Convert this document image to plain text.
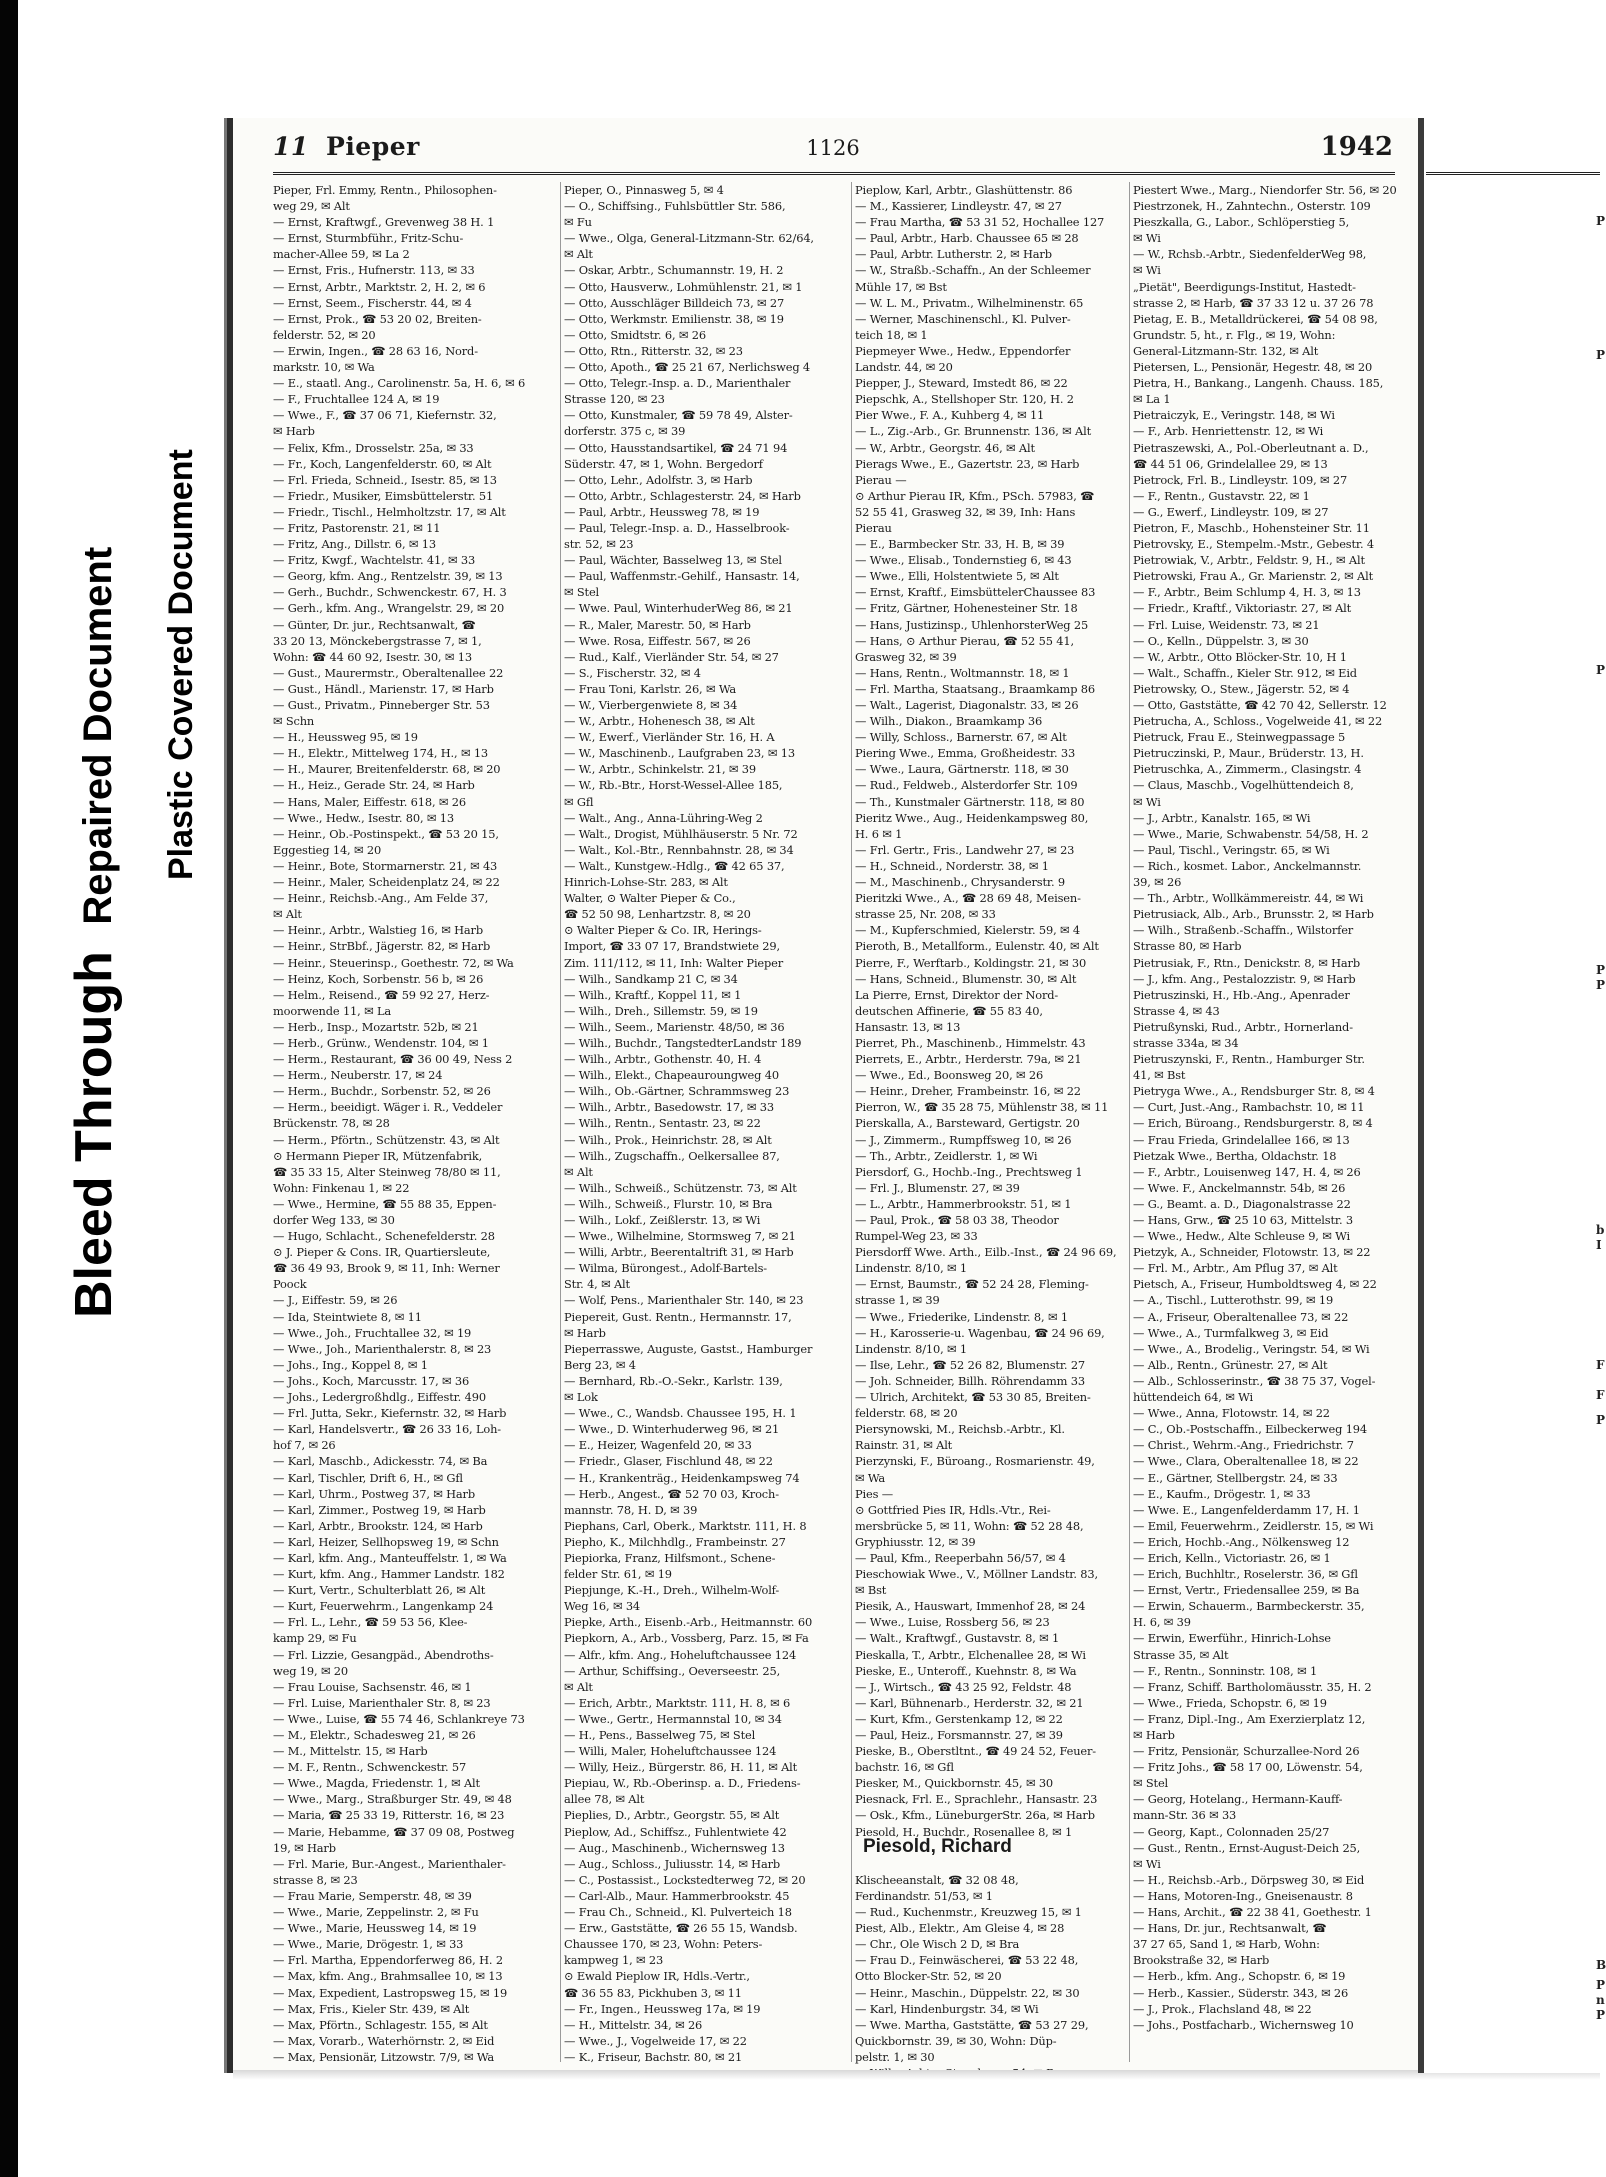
Bleed Through Repaired Document Plastic Covered Document
11 Pieper	1126	1942
Pieper, Frl. Emmy, Rentn., Philosophen-
weg 29, ✉ Alt
— Ernst, Kraftwgf., Grevenweg 38 H. 1
— Ernst, Sturmbführ., Fritz-Schu-
macher-Allee 59, ✉ La 2
— Ernst, Fris., Hufnerstr. 113, ✉ 33
— Ernst, Arbtr., Marktstr. 2, H. 2, ✉ 6
— Ernst, Seem., Fischerstr. 44, ✉ 4
— Ernst, Prok., ☎ 53 20 02, Breiten-
felderstr. 52, ✉ 20
— Erwin, Ingen., ☎ 28 63 16, Nord-
markstr. 10, ✉ Wa
— E., staatl. Ang., Carolinenstr. 5a, H. 6, ✉ 6
— F., Fruchtallee 124 A, ✉ 19
— Wwe., F., ☎ 37 06 71, Kiefernstr. 32,
✉ Harb
— Felix, Kfm., Drosselstr. 25a, ✉ 33
— Fr., Koch, Langenfelderstr. 60, ✉ Alt
— Frl. Frieda, Schneid., Isestr. 85, ✉ 13
— Friedr., Musiker, Eimsbüttelerstr. 51
— Friedr., Tischl., Helmholtzstr. 17, ✉ Alt
— Fritz, Pastorenstr. 21, ✉ 11
— Fritz, Ang., Dillstr. 6, ✉ 13
— Fritz, Kwgf., Wachtelstr. 41, ✉ 33
— Georg, kfm. Ang., Rentzelstr. 39, ✉ 13
— Gerh., Buchdr., Schwenckestr. 67, H. 3
— Gerh., kfm. Ang., Wrangelstr. 29, ✉ 20
— Günter, Dr. jur., Rechtsanwalt, ☎
33 20 13, Mönckebergstrasse 7, ✉ 1,
Wohn: ☎ 44 60 92, Isestr. 30, ✉ 13
— Gust., Maurermstr., Oberaltenallee 22
— Gust., Händl., Marienstr. 17, ✉ Harb
— Gust., Privatm., Pinneberger Str. 53
✉ Schn
— H., Heussweg 95, ✉ 19
— H., Elektr., Mittelweg 174, H., ✉ 13
— H., Maurer, Breitenfelderstr. 68, ✉ 20
— H., Heiz., Gerade Str. 24, ✉ Harb
— Hans, Maler, Eiffestr. 618, ✉ 26
— Wwe., Hedw., Isestr. 80, ✉ 13
— Heinr., Ob.-Postinspekt., ☎ 53 20 15,
Eggestieg 14, ✉ 20
— Heinr., Bote, Stormarnerstr. 21, ✉ 43
— Heinr., Maler, Scheidenplatz 24, ✉ 22
— Heinr., Reichsb.-Ang., Am Felde 37,
✉ Alt
— Heinr., Arbtr., Walstieg 16, ✉ Harb
— Heinr., StrBbf., Jägerstr. 82, ✉ Harb
— Heinr., Steuerinsp., Goethestr. 72, ✉ Wa
— Heinz, Koch, Sorbenstr. 56 b, ✉ 26
— Helm., Reisend., ☎ 59 92 27, Herz-
moorwende 11, ✉ La
— Herb., Insp., Mozartstr. 52b, ✉ 21
— Herb., Grünw., Wendenstr. 104, ✉ 1
— Herm., Restaurant, ☎ 36 00 49, Ness 2
— Herm., Neuberstr. 17, ✉ 24
— Herm., Buchdr., Sorbenstr. 52, ✉ 26
— Herm., beeidigt. Wäger i. R., Veddeler
Brückenstr. 78, ✉ 28
— Herm., Pförtn., Schützenstr. 43, ✉ Alt
⊙ Hermann Pieper IR, Mützenfabrik,
☎ 35 33 15, Alter Steinweg 78/80 ✉ 11,
Wohn: Finkenau 1, ✉ 22
— Wwe., Hermine, ☎ 55 88 35, Eppen-
dorfer Weg 133, ✉ 30
— Hugo, Schlacht., Schenefelderstr. 28
⊙ J. Pieper & Cons. IR, Quartiersleute,
☎ 36 49 93, Brook 9, ✉ 11, Inh: Werner
Poock
— J., Eiffestr. 59, ✉ 26
— Ida, Steintwiete 8, ✉ 11
— Wwe., Joh., Fruchtallee 32, ✉ 19
— Wwe., Joh., Marienthalerstr. 8, ✉ 23
— Johs., Ing., Koppel 8, ✉ 1
— Johs., Koch, Marcusstr. 17, ✉ 36
— Johs., Ledergroßhdlg., Eiffestr. 490
— Frl. Jutta, Sekr., Kiefernstr. 32, ✉ Harb
— Karl, Handelsvertr., ☎ 26 33 16, Loh-
hof 7, ✉ 26
— Karl, Maschb., Adickesstr. 74, ✉ Ba
— Karl, Tischler, Drift 6, H., ✉ Gfl
— Karl, Uhrm., Postweg 37, ✉ Harb
— Karl, Zimmer., Postweg 19, ✉ Harb
— Karl, Arbtr., Brookstr. 124, ✉ Harb
— Karl, Heizer, Sellhopsweg 19, ✉ Schn
— Karl, kfm. Ang., Manteuffelstr. 1, ✉ Wa
— Kurt, kfm. Ang., Hammer Landstr. 182
— Kurt, Vertr., Schulterblatt 26, ✉ Alt
— Kurt, Feuerwehrm., Langenkamp 24
— Frl. L., Lehr., ☎ 59 53 56, Klee-
kamp 29, ✉ Fu
— Frl. Lizzie, Gesangpäd., Abendroths-
weg 19, ✉ 20
— Frau Louise, Sachsenstr. 46, ✉ 1
— Frl. Luise, Marienthaler Str. 8, ✉ 23
— Wwe., Luise, ☎ 55 74 46, Schlankreye 73
— M., Elektr., Schadesweg 21, ✉ 26
— M., Mittelstr. 15, ✉ Harb
— M. F., Rentn., Schwenckestr. 57
— Wwe., Magda, Friedenstr. 1, ✉ Alt
— Wwe., Marg., Straßburger Str. 49, ✉ 48
— Maria, ☎ 25 33 19, Ritterstr. 16, ✉ 23
— Marie, Hebamme, ☎ 37 09 08, Postweg
19, ✉ Harb
— Frl. Marie, Bur.-Angest., Marienthaler-
strasse 8, ✉ 23
— Frau Marie, Semperstr. 48, ✉ 39
— Wwe., Marie, Zeppelinstr. 2, ✉ Fu
— Wwe., Marie, Heussweg 14, ✉ 19
— Wwe., Marie, Drögestr. 1, ✉ 33
— Frl. Martha, Eppendorferweg 86, H. 2
— Max, kfm. Ang., Brahmsallee 10, ✉ 13
— Max, Expedient, Lastropsweg 15, ✉ 19
— Max, Fris., Kieler Str. 439, ✉ Alt
— Max, Pförtn., Schlagestr. 155, ✉ Alt
— Max, Vorarb., Waterhörnstr. 2, ✉ Eid
— Max, Pensionär, Litzowstr. 7/9, ✉ Wa
Pieper, O., Pinnasweg 5, ✉ 4
— O., Schiffsing., Fuhlsbüttler Str. 586,
✉ Fu
— Wwe., Olga, General-Litzmann-Str. 62/64,
✉ Alt
— Oskar, Arbtr., Schumannstr. 19, H. 2
— Otto, Hausverw., Lohmühlenstr. 21, ✉ 1
— Otto, Ausschläger Billdeich 73, ✉ 27
— Otto, Werkmstr. Emilienstr. 38, ✉ 19
— Otto, Smidtstr. 6, ✉ 26
— Otto, Rtn., Ritterstr. 32, ✉ 23
— Otto, Apoth., ☎ 25 21 67, Nerlichsweg 4
— Otto, Telegr.-Insp. a. D., Marienthaler
Strasse 120, ✉ 23
— Otto, Kunstmaler, ☎ 59 78 49, Alster-
dorferstr. 375 c, ✉ 39
— Otto, Hausstandsartikel, ☎ 24 71 94
Süderstr. 47, ✉ 1, Wohn. Bergedorf
— Otto, Lehr., Adolfstr. 3, ✉ Harb
— Otto, Arbtr., Schlagesterstr. 24, ✉ Harb
— Paul, Arbtr., Heussweg 78, ✉ 19
— Paul, Telegr.-Insp. a. D., Hasselbrook-
str. 52, ✉ 23
— Paul, Wächter, Basselweg 13, ✉ Stel
— Paul, Waffenmstr.-Gehilf., Hansastr. 14,
✉ Stel
— Wwe. Paul, WinterhuderWeg 86, ✉ 21
— R., Maler, Marestr. 50, ✉ Harb
— Wwe. Rosa, Eiffestr. 567, ✉ 26
— Rud., Kalf., Vierländer Str. 54, ✉ 27
— S., Fischerstr. 32, ✉ 4
— Frau Toni, Karlstr. 26, ✉ Wa
— W., Vierbergenwiete 8, ✉ 34
— W., Arbtr., Hohenesch 38, ✉ Alt
— W., Ewerf., Vierländer Str. 16, H. A
— W., Maschinenb., Laufgraben 23, ✉ 13
— W., Arbtr., Schinkelstr. 21, ✉ 39
— W., Rb.-Btr., Horst-Wessel-Allee 185,
✉ Gfl
— Walt., Ang., Anna-Lühring-Weg 2
— Walt., Drogist, Mühlhäuserstr. 5 Nr. 72
— Walt., Kol.-Btr., Rennbahnstr. 28, ✉ 34
— Walt., Kunstgew.-Hdlg., ☎ 42 65 37,
Hinrich-Lohse-Str. 283, ✉ Alt
Walter, ⊙ Walter Pieper & Co.,
☎ 52 50 98, Lenhartzstr. 8, ✉ 20
⊙ Walter Pieper & Co. IR, Herings-
Import, ☎ 33 07 17, Brandstwiete 29,
Zim. 111/112, ✉ 11, Inh: Walter Pieper
— Wilh., Sandkamp 21 C, ✉ 34
— Wilh., Kraftf., Koppel 11, ✉ 1
— Wilh., Dreh., Sillemstr. 59, ✉ 19
— Wilh., Seem., Marienstr. 48/50, ✉ 36
— Wilh., Buchdr., TangstedterLandstr 189
— Wilh., Arbtr., Gothenstr. 40, H. 4
— Wilh., Elekt., Chapeauroungweg 40
— Wilh., Ob.-Gärtner, Schrammsweg 23
— Wilh., Arbtr., Basedowstr. 17, ✉ 33
— Wilh., Rentn., Sentastr. 23, ✉ 22
— Wilh., Prok., Heinrichstr. 28, ✉ Alt
— Wilh., Zugschaffn., Oelkersallee 87,
✉ Alt
— Wilh., Schweiß., Schützenstr. 73, ✉ Alt
— Wilh., Schweiß., Flurstr. 10, ✉ Bra
— Wilh., Lokf., Zeißlerstr. 13, ✉ Wi
— Wwe., Wilhelmine, Stormsweg 7, ✉ 21
— Willi, Arbtr., Beerentaltrift 31, ✉ Harb
— Wilma, Bürongest., Adolf-Bartels-
Str. 4, ✉ Alt
— Wolf, Pens., Marienthaler Str. 140, ✉ 23
Piepereit, Gust. Rentn., Hermannstr. 17,
✉ Harb
Pieperrasswe, Auguste, Gastst., Hamburger
Berg 23, ✉ 4
— Bernhard, Rb.-O.-Sekr., Karlstr. 139,
✉ Lok
— Wwe., C., Wandsb. Chaussee 195, H. 1
— Wwe., D. Winterhuderweg 96, ✉ 21
— E., Heizer, Wagenfeld 20, ✉ 33
— Friedr., Glaser, Fischlund 48, ✉ 22
— H., Krankenträg., Heidenkampsweg 74
— Herb., Angest., ☎ 52 70 03, Kroch-
mannstr. 78, H. D, ✉ 39
Piephans, Carl, Oberk., Marktstr. 111, H. 8
Piepho, K., Milchhdlg., Frambeinstr. 27
Piepiorka, Franz, Hilfsmont., Schene-
felder Str. 61, ✉ 19
Piepjunge, K.-H., Dreh., Wilhelm-Wolf-
Weg 16, ✉ 34
Piepke, Arth., Eisenb.-Arb., Heitmannstr. 60
Piepkorn, A., Arb., Vossberg, Parz. 15, ✉ Fa
— Alfr., kfm. Ang., Hoheluftchaussee 124
— Arthur, Schiffsing., Oeverseestr. 25,
✉ Alt
— Erich, Arbtr., Marktstr. 111, H. 8, ✉ 6
— Wwe., Gertr., Hermannstal 10, ✉ 34
— H., Pens., Basselweg 75, ✉ Stel
— Willi, Maler, Hoheluftchaussee 124
— Willy, Heiz., Bürgerstr. 86, H. 11, ✉ Alt
Piepiau, W., Rb.-Oberinsp. a. D., Friedens-
allee 78, ✉ Alt
Pieplies, D., Arbtr., Georgstr. 55, ✉ Alt
Pieplow, Ad., Schiffsz., Fuhlentwiete 42
— Aug., Maschinenb., Wichernsweg 13
— Aug., Schloss., Juliusstr. 14, ✉ Harb
— C., Postassist., Lockstedterweg 72, ✉ 20
— Carl-Alb., Maur. Hammerbrookstr. 45
— Frau Ch., Schneid., Kl. Pulverteich 18
— Erw., Gaststätte, ☎ 26 55 15, Wandsb.
Chaussee 170, ✉ 23, Wohn: Peters-
kampweg 1, ✉ 23
⊙ Ewald Pieplow IR, Hdls.-Vertr.,
☎ 36 55 83, Pickhuben 3, ✉ 11
— Fr., Ingen., Heussweg 17a, ✉ 19
— H., Mittelstr. 34, ✉ 26
— Wwe., J., Vogelweide 17, ✉ 22
— K., Friseur, Bachstr. 80, ✉ 21
Pieplow, Karl, Arbtr., Glashüttenstr. 86
— M., Kassierer, Lindleystr. 47, ✉ 27
— Frau Martha, ☎ 53 31 52, Hochallee 127
— Paul, Arbtr., Harb. Chaussee 65 ✉ 28
— Paul, Arbtr. Lutherstr. 2, ✉ Harb
— W., Straßb.-Schaffn., An der Schleemer
Mühle 17, ✉ Bst
— W. L. M., Privatm., Wilhelminenstr. 65
— Werner, Maschinenschl., Kl. Pulver-
teich 18, ✉ 1
Piepmeyer Wwe., Hedw., Eppendorfer
Landstr. 44, ✉ 20
Piepper, J., Steward, Imstedt 86, ✉ 22
Piepschk, A., Stellshoper Str. 120, H. 2
Pier Wwe., F. A., Kuhberg 4, ✉ 11
— L., Zig.-Arb., Gr. Brunnenstr. 136, ✉ Alt
— W., Arbtr., Georgstr. 46, ✉ Alt
Pierags Wwe., E., Gazertstr. 23, ✉ Harb
Pierau —
⊙ Arthur Pierau IR, Kfm., PSch. 57983, ☎
52 55 41, Grasweg 32, ✉ 39, Inh: Hans
Pierau
— E., Barmbecker Str. 33, H. B, ✉ 39
— Wwe., Elisab., Tondernstieg 6, ✉ 43
— Wwe., Elli, Holstentwiete 5, ✉ Alt
— Ernst, Kraftf., EimsbüttelerChaussee 83
— Fritz, Gärtner, Hohenesteiner Str. 18
— Hans, Justizinsp., UhlenhorsterWeg 25
— Hans, ⊙ Arthur Pierau, ☎ 52 55 41,
Grasweg 32, ✉ 39
— Hans, Rentn., Woltmannstr. 18, ✉ 1
— Frl. Martha, Staatsang., Braamkamp 86
— Walt., Lagerist, Diagonalstr. 33, ✉ 26
— Wilh., Diakon., Braamkamp 36
— Willy, Schloss., Barnerstr. 67, ✉ Alt
Piering Wwe., Emma, Großheidestr. 33
— Wwe., Laura, Gärtnerstr. 118, ✉ 30
— Rud., Feldweb., Alsterdorfer Str. 109
— Th., Kunstmaler Gärtnerstr. 118, ✉ 80
Pieritz Wwe., Aug., Heidenkampsweg 80,
H. 6 ✉ 1
— Frl. Gertr., Fris., Landwehr 27, ✉ 23
— H., Schneid., Norderstr. 38, ✉ 1
— M., Maschinenb., Chrysanderstr. 9
Pieritzki Wwe., A., ☎ 28 69 48, Meisen-
strasse 25, Nr. 208, ✉ 33
— M., Kupferschmied, Kielerstr. 59, ✉ 4
Pieroth, B., Metallform., Eulenstr. 40, ✉ Alt
Pierre, F., Werftarb., Koldingstr. 21, ✉ 30
— Hans, Schneid., Blumenstr. 30, ✉ Alt
La Pierre, Ernst, Direktor der Nord-
deutschen Affinerie, ☎ 55 83 40,
Hansastr. 13, ✉ 13
Pierret, Ph., Maschinenb., Himmelstr. 43
Pierrets, E., Arbtr., Herderstr. 79a, ✉ 21
— Wwe., Ed., Boonsweg 20, ✉ 26
— Heinr., Dreher, Frambeinstr. 16, ✉ 22
Pierron, W., ☎ 35 28 75, Mühlenstr 38, ✉ 11
Pierskalla, A., Barsteward, Gertigstr. 20
— J., Zimmerm., Rumpffsweg 10, ✉ 26
— Th., Arbtr., Zeidlerstr. 1, ✉ Wi
Piersdorf, G., Hochb.-Ing., Prechtsweg 1
— Frl. J., Blumenstr. 27, ✉ 39
— L., Arbtr., Hammerbrookstr. 51, ✉ 1
— Paul, Prok., ☎ 58 03 38, Theodor
Rumpel-Weg 23, ✉ 33
Piersdorff Wwe. Arth., Eilb.-Inst., ☎ 24 96 69,
Lindenstr. 8/10, ✉ 1
— Ernst, Baumstr., ☎ 52 24 28, Fleming-
strasse 1, ✉ 39
— Wwe., Friederike, Lindenstr. 8, ✉ 1
— H., Karosserie-u. Wagenbau, ☎ 24 96 69,
Lindenstr. 8/10, ✉ 1
— Ilse, Lehr., ☎ 52 26 82, Blumenstr. 27
— Joh. Schneider, Billh. Röhrendamm 33
— Ulrich, Architekt, ☎ 53 30 85, Breiten-
felderstr. 68, ✉ 20
Piersynowski, M., Reichsb.-Arbtr., Kl.
Rainstr. 31, ✉ Alt
Pierzynski, F., Büroang., Rosmarienstr. 49,
✉ Wa
Pies —
⊙ Gottfried Pies IR, Hdls.-Vtr., Rei-
mersbrücke 5, ✉ 11, Wohn: ☎ 52 28 48,
Gryphiusstr. 12, ✉ 39
— Paul, Kfm., Reeperbahn 56/57, ✉ 4
Pieschowiak Wwe., V., Möllner Landstr. 83,
✉ Bst
Piesik, A., Hauswart, Immenhof 28, ✉ 24
— Wwe., Luise, Rossberg 56, ✉ 23
— Walt., Kraftwgf., Gustavstr. 8, ✉ 1
Pieskalla, T., Arbtr., Elchenallee 28, ✉ Wi
Pieske, E., Unteroff., Kuehnstr. 8, ✉ Wa
— J., Wirtsch., ☎ 43 25 92, Feldstr. 48
— Karl, Bühnenarb., Herderstr. 32, ✉ 21
— Kurt, Kfm., Gerstenkamp 12, ✉ 22
— Paul, Heiz., Forsmannstr. 27, ✉ 39
Pieske, B., Oberstltnt., ☎ 49 24 52, Feuer-
bachstr. 16, ✉ Gfl
Piesker, M., Quickbornstr. 45, ✉ 30
Piesnack, Frl. E., Sprachlehr., Hansastr. 23
— Osk., Kfm., LüneburgerStr. 26a, ✉ Harb
Piesold, H., Buchdr., Rosenallee 8, ✉ 1

Klischeeanstalt, ☎ 32 08 48,
Ferdinandstr. 51/53, ✉ 1
— Rud., Kuchenmstr., Kreuzweg 15, ✉ 1
Piest, Alb., Elektr., Am Gleise 4, ✉ 28
— Chr., Ole Wisch 2 D, ✉ Bra
— Frau D., Feinwäscherei, ☎ 53 22 48,
Otto Blocker-Str. 52, ✉ 20
— Heinr., Maschin., Düppelstr. 22, ✉ 30
— Karl, Hindenburgstr. 34, ✉ Wi
— Wwe. Martha, Gaststätte, ☎ 53 27 29,
Quickbornstr. 39, ✉ 30, Wohn: Düp-
pelstr. 1, ✉ 30
Piestert Wwe., Marg., Niendorfer Str. 56, ✉ 20
Piestrzonek, H., Zahntechn., Osterstr. 109
Pieszkalla, G., Labor., Schlöperstieg 5,
✉ Wi
— W., Rchsb.-Arbtr., SiedenfelderWeg 98,
✉ Wi
„Pietät", Beerdigungs-Institut, Hastedt-
strasse 2, ✉ Harb, ☎ 37 33 12 u. 37 26 78
Pietag, E. B., Metalldrückerei, ☎ 54 08 98,
Grundstr. 5, ht., r. Flg., ✉ 19, Wohn:
General-Litzmann-Str. 132, ✉ Alt
Pietersen, L., Pensionär, Hegestr. 48, ✉ 20
Pietra, H., Bankang., Langenh. Chauss. 185,
✉ La 1
Pietraiczyk, E., Veringstr. 148, ✉ Wi
— F., Arb. Henriettenstr. 12, ✉ Wi
Pietraszewski, A., Pol.-Oberleutnant a. D.,
☎ 44 51 06, Grindelallee 29, ✉ 13
Pietrock, Frl. B., Lindleystr. 109, ✉ 27
— F., Rentn., Gustavstr. 22, ✉ 1
— G., Ewerf., Lindleystr. 109, ✉ 27
Pietron, F., Maschb., Hohensteiner Str. 11
Pietrovsky, E., Stempelm.-Mstr., Gebestr. 4
Pietrowiak, V., Arbtr., Feldstr. 9, H., ✉ Alt
Pietrowski, Frau A., Gr. Marienstr. 2, ✉ Alt
— F., Arbtr., Beim Schlump 4, H. 3, ✉ 13
— Friedr., Kraftf., Viktoriastr. 27, ✉ Alt
— Frl. Luise, Weidenstr. 73, ✉ 21
— O., Kelln., Düppelstr. 3, ✉ 30
— W., Arbtr., Otto Blöcker-Str. 10, H 1
— Walt., Schaffn., Kieler Str. 912, ✉ Eid
Pietrowsky, O., Stew., Jägerstr. 52, ✉ 4
— Otto, Gaststätte, ☎ 42 70 42, Sellerstr. 12
Pietrucha, A., Schloss., Vogelweide 41, ✉ 22
Pietruck, Frau E., Steinwegpassage 5
Pietruczinski, P., Maur., Brüderstr. 13, H.
Pietruschka, A., Zimmerm., Clasingstr. 4
— Claus, Maschb., Vogelhüttendeich 8,
✉ Wi
— J., Arbtr., Kanalstr. 165, ✉ Wi
— Wwe., Marie, Schwabenstr. 54/58, H. 2
— Paul, Tischl., Veringstr. 65, ✉ Wi
— Rich., kosmet. Labor., Anckelmannstr.
39, ✉ 26
— Th., Arbtr., Wollkämmereistr. 44, ✉ Wi
Pietrusiack, Alb., Arb., Brunsstr. 2, ✉ Harb
— Wilh., Straßenb.-Schaffn., Wilstorfer
Strasse 80, ✉ Harb
Pietrusiak, F., Rtn., Denickstr. 8, ✉ Harb
— J., kfm. Ang., Pestalozzistr. 9, ✉ Harb
Pietruszinski, H., Hb.-Ang., Apenrader
Strasse 4, ✉ 43
Pietrußynski, Rud., Arbtr., Hornerland-
strasse 334a, ✉ 34
Pietruszynski, F., Rentn., Hamburger Str.
41, ✉ Bst
Pietryga Wwe., A., Rendsburger Str. 8, ✉ 4
— Curt, Just.-Ang., Rambachstr. 10, ✉ 11
— Erich, Büroang., Rendsburgerstr. 8, ✉ 4
— Frau Frieda, Grindelallee 166, ✉ 13
Pietzak Wwe., Bertha, Oldachstr. 18
— F., Arbtr., Louisenweg 147, H. 4, ✉ 26
— Wwe. F., Anckelmannstr. 54b, ✉ 26
— G., Beamt. a. D., Diagonalstrasse 22
— Hans, Grw., ☎ 25 10 63, Mittelstr. 3
— Wwe., Hedw., Alte Schleuse 9, ✉ Wi
Pietzyk, A., Schneider, Flotowstr. 13, ✉ 22
— Frl. M., Arbtr., Am Pflug 37, ✉ Alt
Pietsch, A., Friseur, Humboldtsweg 4, ✉ 22
— A., Tischl., Lutterothstr. 99, ✉ 19
— A., Friseur, Oberaltenallee 73, ✉ 22
— Wwe., A., Turmfalkweg 3, ✉ Eid
— Wwe., A., Brodelig., Veringstr. 54, ✉ Wi
— Alb., Rentn., Grünestr. 27, ✉ Alt
— Alb., Schlosserinstr., ☎ 38 75 37, Vogel-
hüttendeich 64, ✉ Wi
— Wwe., Anna, Flotowstr. 14, ✉ 22
— C., Ob.-Postschaffn., Eilbeckerweg 194
— Christ., Wehrm.-Ang., Friedrichstr. 7
— Wwe., Clara, Oberaltenallee 18, ✉ 22
— E., Gärtner, Stellbergstr. 24, ✉ 33
— E., Kaufm., Drögestr. 1, ✉ 33
— Wwe. E., Langenfelderdamm 17, H. 1
— Emil, Feuerwehrm., Zeidlerstr. 15, ✉ Wi
— Erich, Hochb.-Ang., Nölkensweg 12
— Erich, Kelln., Victoriastr. 26, ✉ 1
— Erich, Buchhltr., Roselerstr. 36, ✉ Gfl
— Ernst, Vertr., Friedensallee 259, ✉ Ba
— Erwin, Schauerm., Barmbeckerstr. 35,
H. 6, ✉ 39
— Erwin, Ewerführ., Hinrich-Lohse
Strasse 35, ✉ Alt
— F., Rentn., Sonninstr. 108, ✉ 1
— Franz, Schiff. Bartholomäusstr. 35, H. 2
— Wwe., Frieda, Schopstr. 6, ✉ 19
— Franz, Dipl.-Ing., Am Exerzierplatz 12,
✉ Harb
— Fritz, Pensionär, Schurzallee-Nord 26
— Fritz Johs., ☎ 58 17 00, Löwenstr. 54,
✉ Stel
— Georg, Hotelang., Hermann-Kauff-
mann-Str. 36 ✉ 33
— Georg, Kapt., Colonnaden 25/27
— Gust., Rentn., Ernst-August-Deich 25,
✉ Wi
— H., Reichsb.-Arb., Dörpsweg 30, ✉ Eid
— Hans, Motoren-Ing., Gneisenaustr. 8
— Hans, Archit., ☎ 22 38 41, Goethestr. 1
— Hans, Dr. jur., Rechtsanwalt, ☎
37 27 65, Sand 1, ✉ Harb, Wohn:
Brookstraße 32, ✉ Harb
— Herb., kfm. Ang., Schopstr. 6, ✉ 19
— Herb., Kassier., Süderstr. 343, ✉ 26
— J., Prok., Flachsland 48, ✉ 22
— Johs., Postfacharb., Wichernsweg 10
Piesold, Richard
P
P
P
P
P
b
I
F
F
P
B
P
n
P
